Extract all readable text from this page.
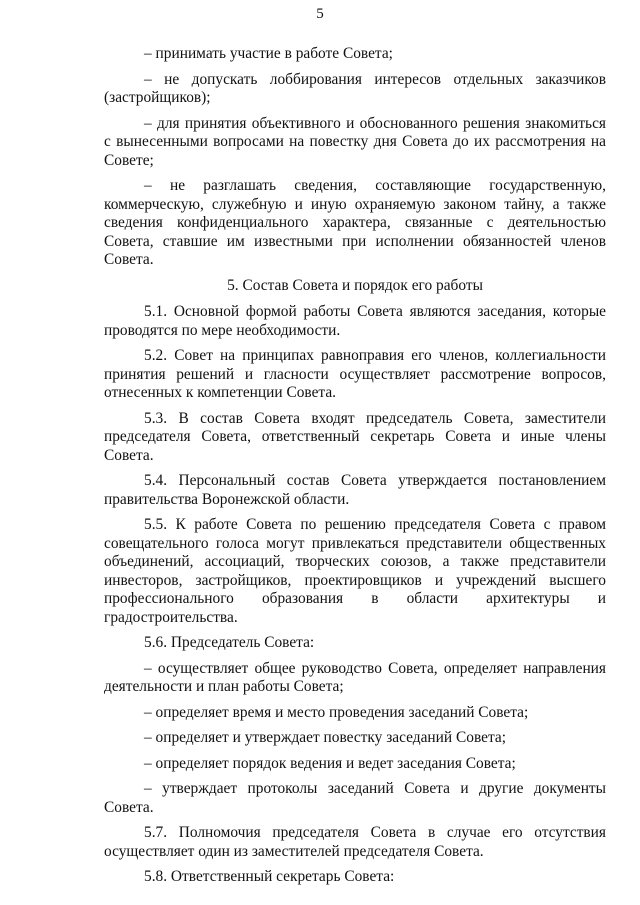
5

– принимать участие в работе Совета;

– не допускать лоббирования интересов отдельных заказчиков (застройщиков);

– для принятия объективного и обоснованного решения знакомиться с вынесенными вопросами на повестку дня Совета до их рассмотрения на Совете;

– не разглашать сведения, составляющие государственную, коммерческую, служебную и иную охраняемую законом тайну, а также сведения конфиденциального характера, связанные с деятельностью Совета, ставшие им известными при исполнении обязанностей членов Совета.

5. Состав Совета и порядок его работы

5.1. Основной формой работы Совета являются заседания, которые проводятся по мере необходимости.

5.2. Совет на принципах равноправия его членов, коллегиальности принятия решений и гласности осуществляет рассмотрение вопросов, отнесенных к компетенции Совета.

5.3. В состав Совета входят председатель Совета, заместители председателя Совета, ответственный секретарь Совета и иные члены Совета.

5.4. Персональный состав Совета утверждается постановлением правительства Воронежской области.

5.5. К работе Совета по решению председателя Совета с правом совещательного голоса могут привлекаться представители общественных объединений, ассоциаций, творческих союзов, а также представители инвесторов, застройщиков, проектировщиков и учреждений высшего профессионального образования в области архитектуры и градостроительства.

5.6. Председатель Совета:

– осуществляет общее руководство Совета, определяет направления деятельности и план работы Совета;

– определяет время и место проведения заседаний Совета;

– определяет и утверждает повестку заседаний Совета;

– определяет порядок ведения и ведет заседания Совета;

– утверждает протоколы заседаний Совета и другие документы Совета.

5.7. Полномочия председателя Совета в случае его отсутствия осуществляет один из заместителей председателя Совета.

5.8. Ответственный секретарь Совета:
